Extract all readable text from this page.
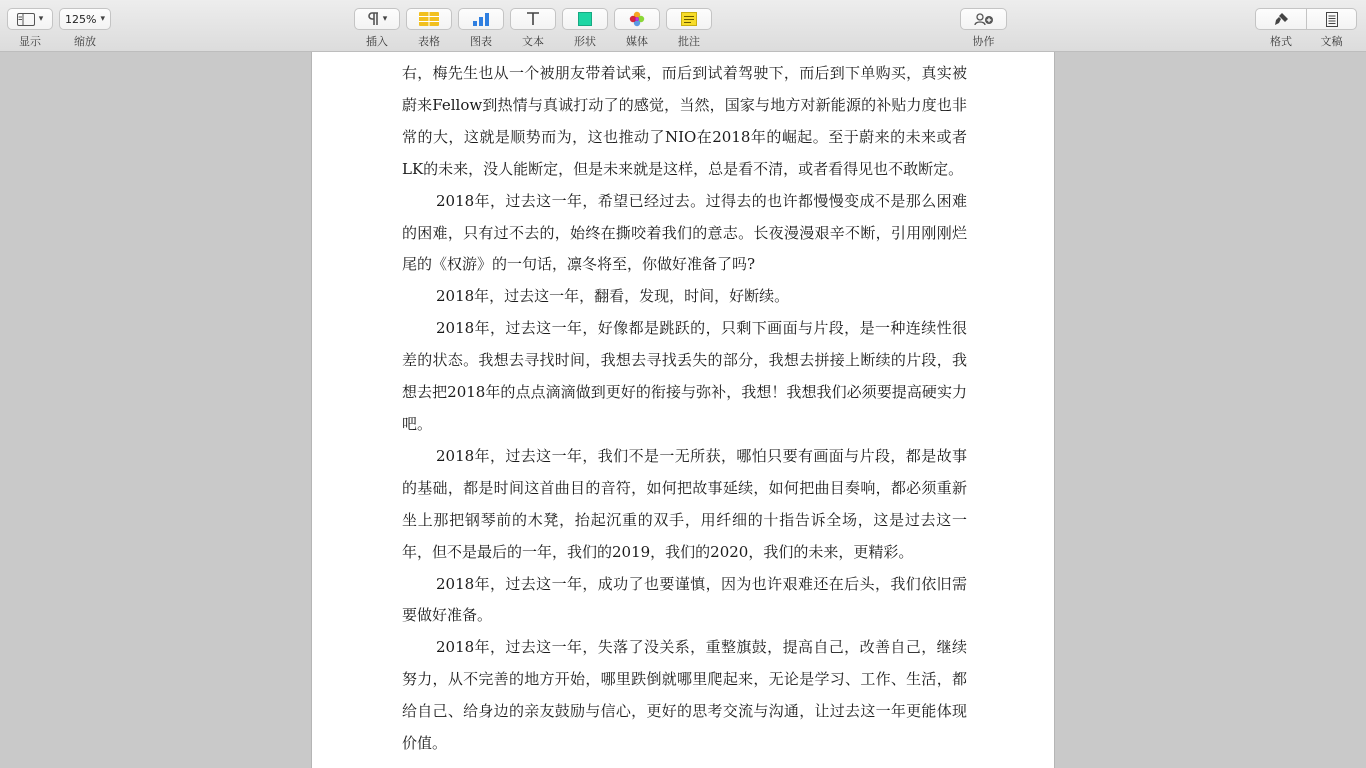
▾
显示
125% ▾
缩放
▾
插入	表格	图表	文本	形状	媒体	批注	协作	格式	文稿

右，梅先生也从一个被朋友带着试乘，而后到试着驾驶下，而后到下单购买，真实被蔚来Fellow到热情与真诚打动了的感觉，当然，国家与地方对新能源的补贴力度也非常的大，这就是顺势而为，这也推动了NIO在2018年的崛起。至于蔚来的未来或者LK的未来，没人能断定，但是未来就是这样，总是看不清，或者看得见也不敢断定。

2018年，过去这一年，希望已经过去。过得去的也许都慢慢变成不是那么困难的困难，只有过不去的，始终在撕咬着我们的意志。长夜漫漫艰辛不断，引用刚刚烂尾的《权游》的一句话，凛冬将至，你做好准备了吗?

2018年，过去这一年，翻看，发现，时间，好断续。

2018年，过去这一年，好像都是跳跃的，只剩下画面与片段，是一种连续性很差的状态。我想去寻找时间，我想去寻找丢失的部分，我想去拼接上断续的片段，我想去把2018年的点点滴滴做到更好的衔接与弥补，我想！我想我们必须要提高硬实力吧。

2018年，过去这一年，我们不是一无所获，哪怕只要有画面与片段，都是故事的基础，都是时间这首曲目的音符，如何把故事延续，如何把曲目奏响，都必须重新坐上那把钢琴前的木凳，抬起沉重的双手，用纤细的十指告诉全场，这是过去这一年，但不是最后的一年，我们的2019，我们的2020，我们的未来，更精彩。

2018年，过去这一年，成功了也要谨慎，因为也许艰难还在后头，我们依旧需要做好准备。

2018年，过去这一年，失落了没关系，重整旗鼓，提高自己，改善自己，继续努力，从不完善的地方开始，哪里跌倒就哪里爬起来，无论是学习、工作、生活，都给自己、给身边的亲友鼓励与信心，更好的思考交流与沟通，让过去这一年更能体现价值。
